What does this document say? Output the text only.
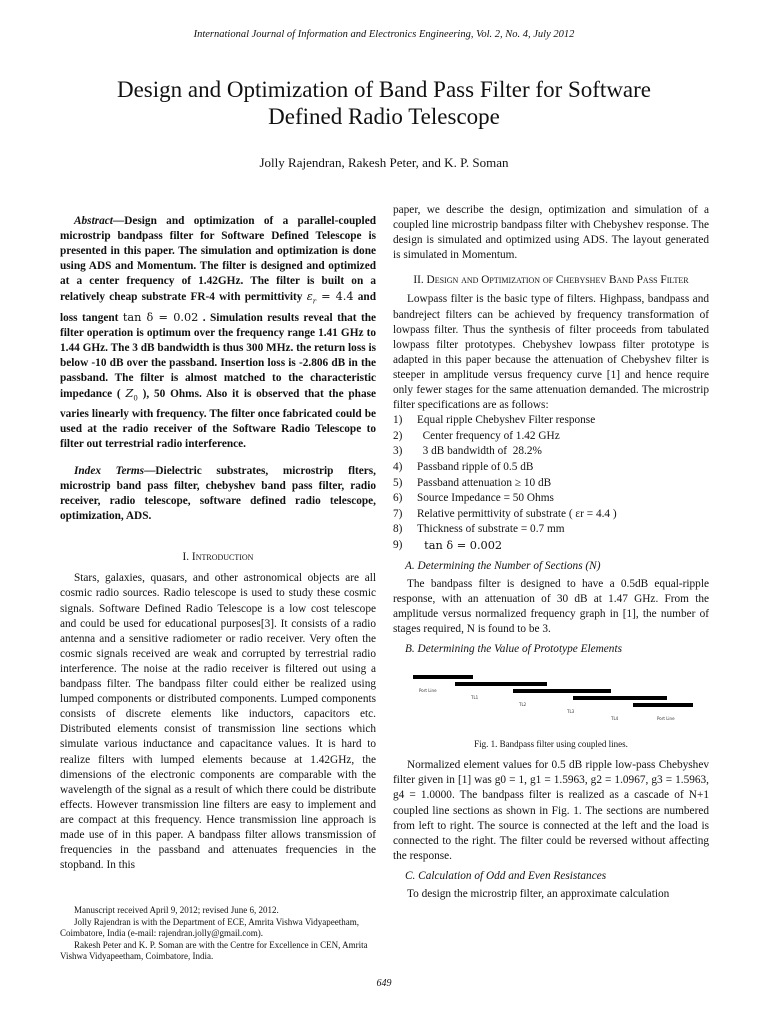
International Journal of Information and Electronics Engineering, Vol. 2, No. 4, July 2012
Design and Optimization of Band Pass Filter for Software
Defined Radio Telescope
Jolly Rajendran, Rakesh Peter, and K. P. Soman

Abstract—Design and optimization of a parallel-coupled microstrip bandpass filter for Software Defined Telescope is presented in this paper. The simulation and optimization is done using ADS and Momentum. The filter is designed and optimized at a center frequency of 1.42GHz. The filter is built on a relatively cheap substrate FR-4 with permittivity $\varepsilon_r = 4.4$ and loss tangent tan δ = 0.02 . Simulation results reveal that the filter operation is optimum over the frequency range 1.41 GHz to 1.44 GHz. The 3 dB bandwidth is thus 300 MHz. the return loss is below -10 dB over the passband. Insertion loss is -2.806 dB in the passband. The filter is almost matched to the characteristic impedance ( $Z_0$ ), 50 Ohms. Also it is observed that the phase varies linearly with frequency. The filter once fabricated could be used at the radio receiver of the Software Radio Telescope to filter out terrestrial radio interference.

Index Terms—Dielectric substrates, microstrip flters, microstrip band pass filter, chebyshev band pass filter, radio receiver, radio telescope, software defined radio telescope, optimization, ADS.

I. Introduction

Stars, galaxies, quasars, and other astronomical objects are all cosmic radio sources. Radio telescope is used to study these cosmic signals. Software Defined Radio Telescope is a low cost telescope and could be used for educational purposes[3]. It consists of a radio antenna and a sensitive radiometer or radio receiver. Very often the cosmic signals received are weak and corrupted by terrestrial radio interference. The noise at the radio receiver is filtered out using a bandpass filter. The bandpass filter could either be realized using lumped components or distributed components. Lumped components consists of discrete elements like inductors, capacitors etc. Distributed elements consist of transmission line sections which simulate various inductance and capacitance values. It is hard to realize filters with lumped elements because at 1.42GHz, the dimensions of the electronic components are comparable with the wavelength of the signal as a result of which there could be distribute effects. However transmission line filters are easy to implement and are compact at this frequency. Hence transmission line approach is made use of in this paper. A bandpass filter allows transmission of frequencies in the passband and attenuates frequencies in the stopband. In this

Manuscript received April 9, 2012; revised June 6, 2012.

Jolly Rajendran is with the Department of ECE, Amrita Vishwa Vidyapeetham, Coimbatore, India (e-mail: rajendran.jolly@gmail.com).

Rakesh Peter and K. P. Soman are with the Centre for Excellence in CEN, Amrita Vishwa Vidyapeetham, Coimbatore, India.

paper, we describe the design, optimization and simulation of a coupled line microstrip bandpass filter with Chebyshev response. The design is simulated and optimized using ADS. The layout generated is simulated in Momentum.

II. Design and Optimization of Chebyshev Band Pass Filter

Lowpass filter is the basic type of filters. Highpass, bandpass and bandreject filters can be achieved by frequency transformation of lowpass filter. Thus the synthesis of filter proceeds from tabulated lowpass filter prototypes. Chebyshev lowpass filter prototype is adapted in this paper because the attenuation of Chebyshev filter is steeper in amplitude versus frequency curve [1] and hence require only fewer stages for the same attenuation demanded. The microstrip filter specifications are as follows:

1)	Equal ripple Chebyshev Filter response
2)	Center frequency of 1.42 GHz
3)	3 dB bandwidth of  28.2%
4)	Passband ripple of 0.5 dB
5)	Passband attenuation ≥ 10 dB
6)	Source Impedance = 50 Ohms
7)	Relative permittivity of substrate ( εr = 4.4 )
8)	Thickness of substrate = 0.7 mm
9)	tan δ = 0.002

A. Determining the Number of Sections (N)

The bandpass filter is designed to have a 0.5dB equal-ripple response, with an attenuation of 30 dB at 1.47 GHz. From the amplitude versus normalized frequency graph in [1], the number of stages required, N is found to be 3.

B. Determining the Value of Prototype Elements

Port Line
TL1
TL2
TL3
TL4	Port Line

Fig. 1. Bandpass filter using coupled lines.

Normalized element values for 0.5 dB ripple low-pass Chebyshev filter given in [1] was g0 = 1, g1 = 1.5963, g2 = 1.0967, g3 = 1.5963, g4 = 1.0000. The bandpass filter is realized as a cascade of N+1 coupled line sections as shown in Fig. 1. The sections are numbered from left to right. The source is connected at the left and the load is connected to the right. The filter could be reversed without affecting the response.

C. Calculation of Odd and Even Resistances

To design the microstrip filter, an approximate calculation

649
